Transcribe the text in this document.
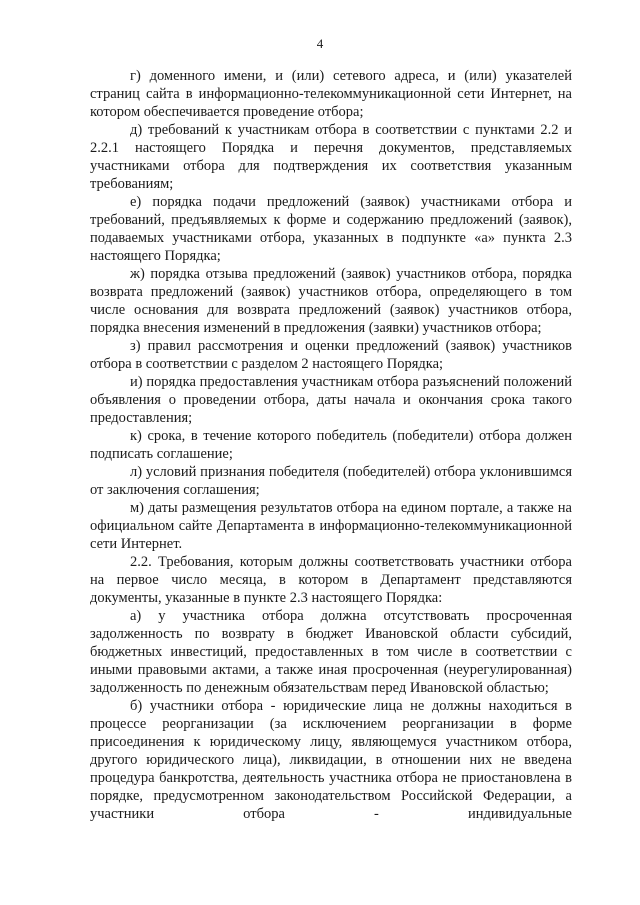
4

г) доменного имени, и (или) сетевого адреса, и (или) указателей страниц сайта в информационно-телекоммуникационной сети Интернет, на котором обеспечивается проведение отбора;

д) требований к участникам отбора в соответствии с пунктами 2.2 и 2.2.1 настоящего Порядка и перечня документов, представляемых участниками отбора для подтверждения их соответствия указанным требованиям;

е) порядка подачи предложений (заявок) участниками отбора и требований, предъявляемых к форме и содержанию предложений (заявок), подаваемых участниками отбора, указанных в подпункте «а» пункта 2.3 настоящего Порядка;

ж) порядка отзыва предложений (заявок) участников отбора, порядка возврата предложений (заявок) участников отбора, определяющего в том числе основания для возврата предложений (заявок) участников отбора, порядка внесения изменений в предложения (заявки) участников отбора;

з) правил рассмотрения и оценки предложений (заявок) участников отбора в соответствии с разделом 2 настоящего Порядка;

и) порядка предоставления участникам отбора разъяснений положений объявления о проведении отбора, даты начала и окончания срока такого предоставления;

к) срока, в течение которого победитель (победители) отбора должен подписать соглашение;

л) условий признания победителя (победителей) отбора уклонившимся от заключения соглашения;

м) даты размещения результатов отбора на едином портале, а также на официальном сайте Департамента в информационно-телекоммуникационной сети Интернет.

2.2. Требования, которым должны соответствовать участники отбора на первое число месяца, в котором в Департамент представляются документы, указанные в пункте 2.3 настоящего Порядка:

а) у участника отбора должна отсутствовать просроченная задолженность по возврату в бюджет Ивановской области субсидий, бюджетных инвестиций, предоставленных в том числе в соответствии с иными правовыми актами, а также иная просроченная (неурегулированная) задолженность по денежным обязательствам перед Ивановской областью;

б) участники отбора - юридические лица не должны находиться в процессе реорганизации (за исключением реорганизации в форме присоединения к юридическому лицу, являющемуся участником отбора, другого юридического лица), ликвидации, в отношении них не введена процедура банкротства, деятельность участника отбора не приостановлена в порядке, предусмотренном законодательством Российской Федерации, а участники отбора - индивидуальные
